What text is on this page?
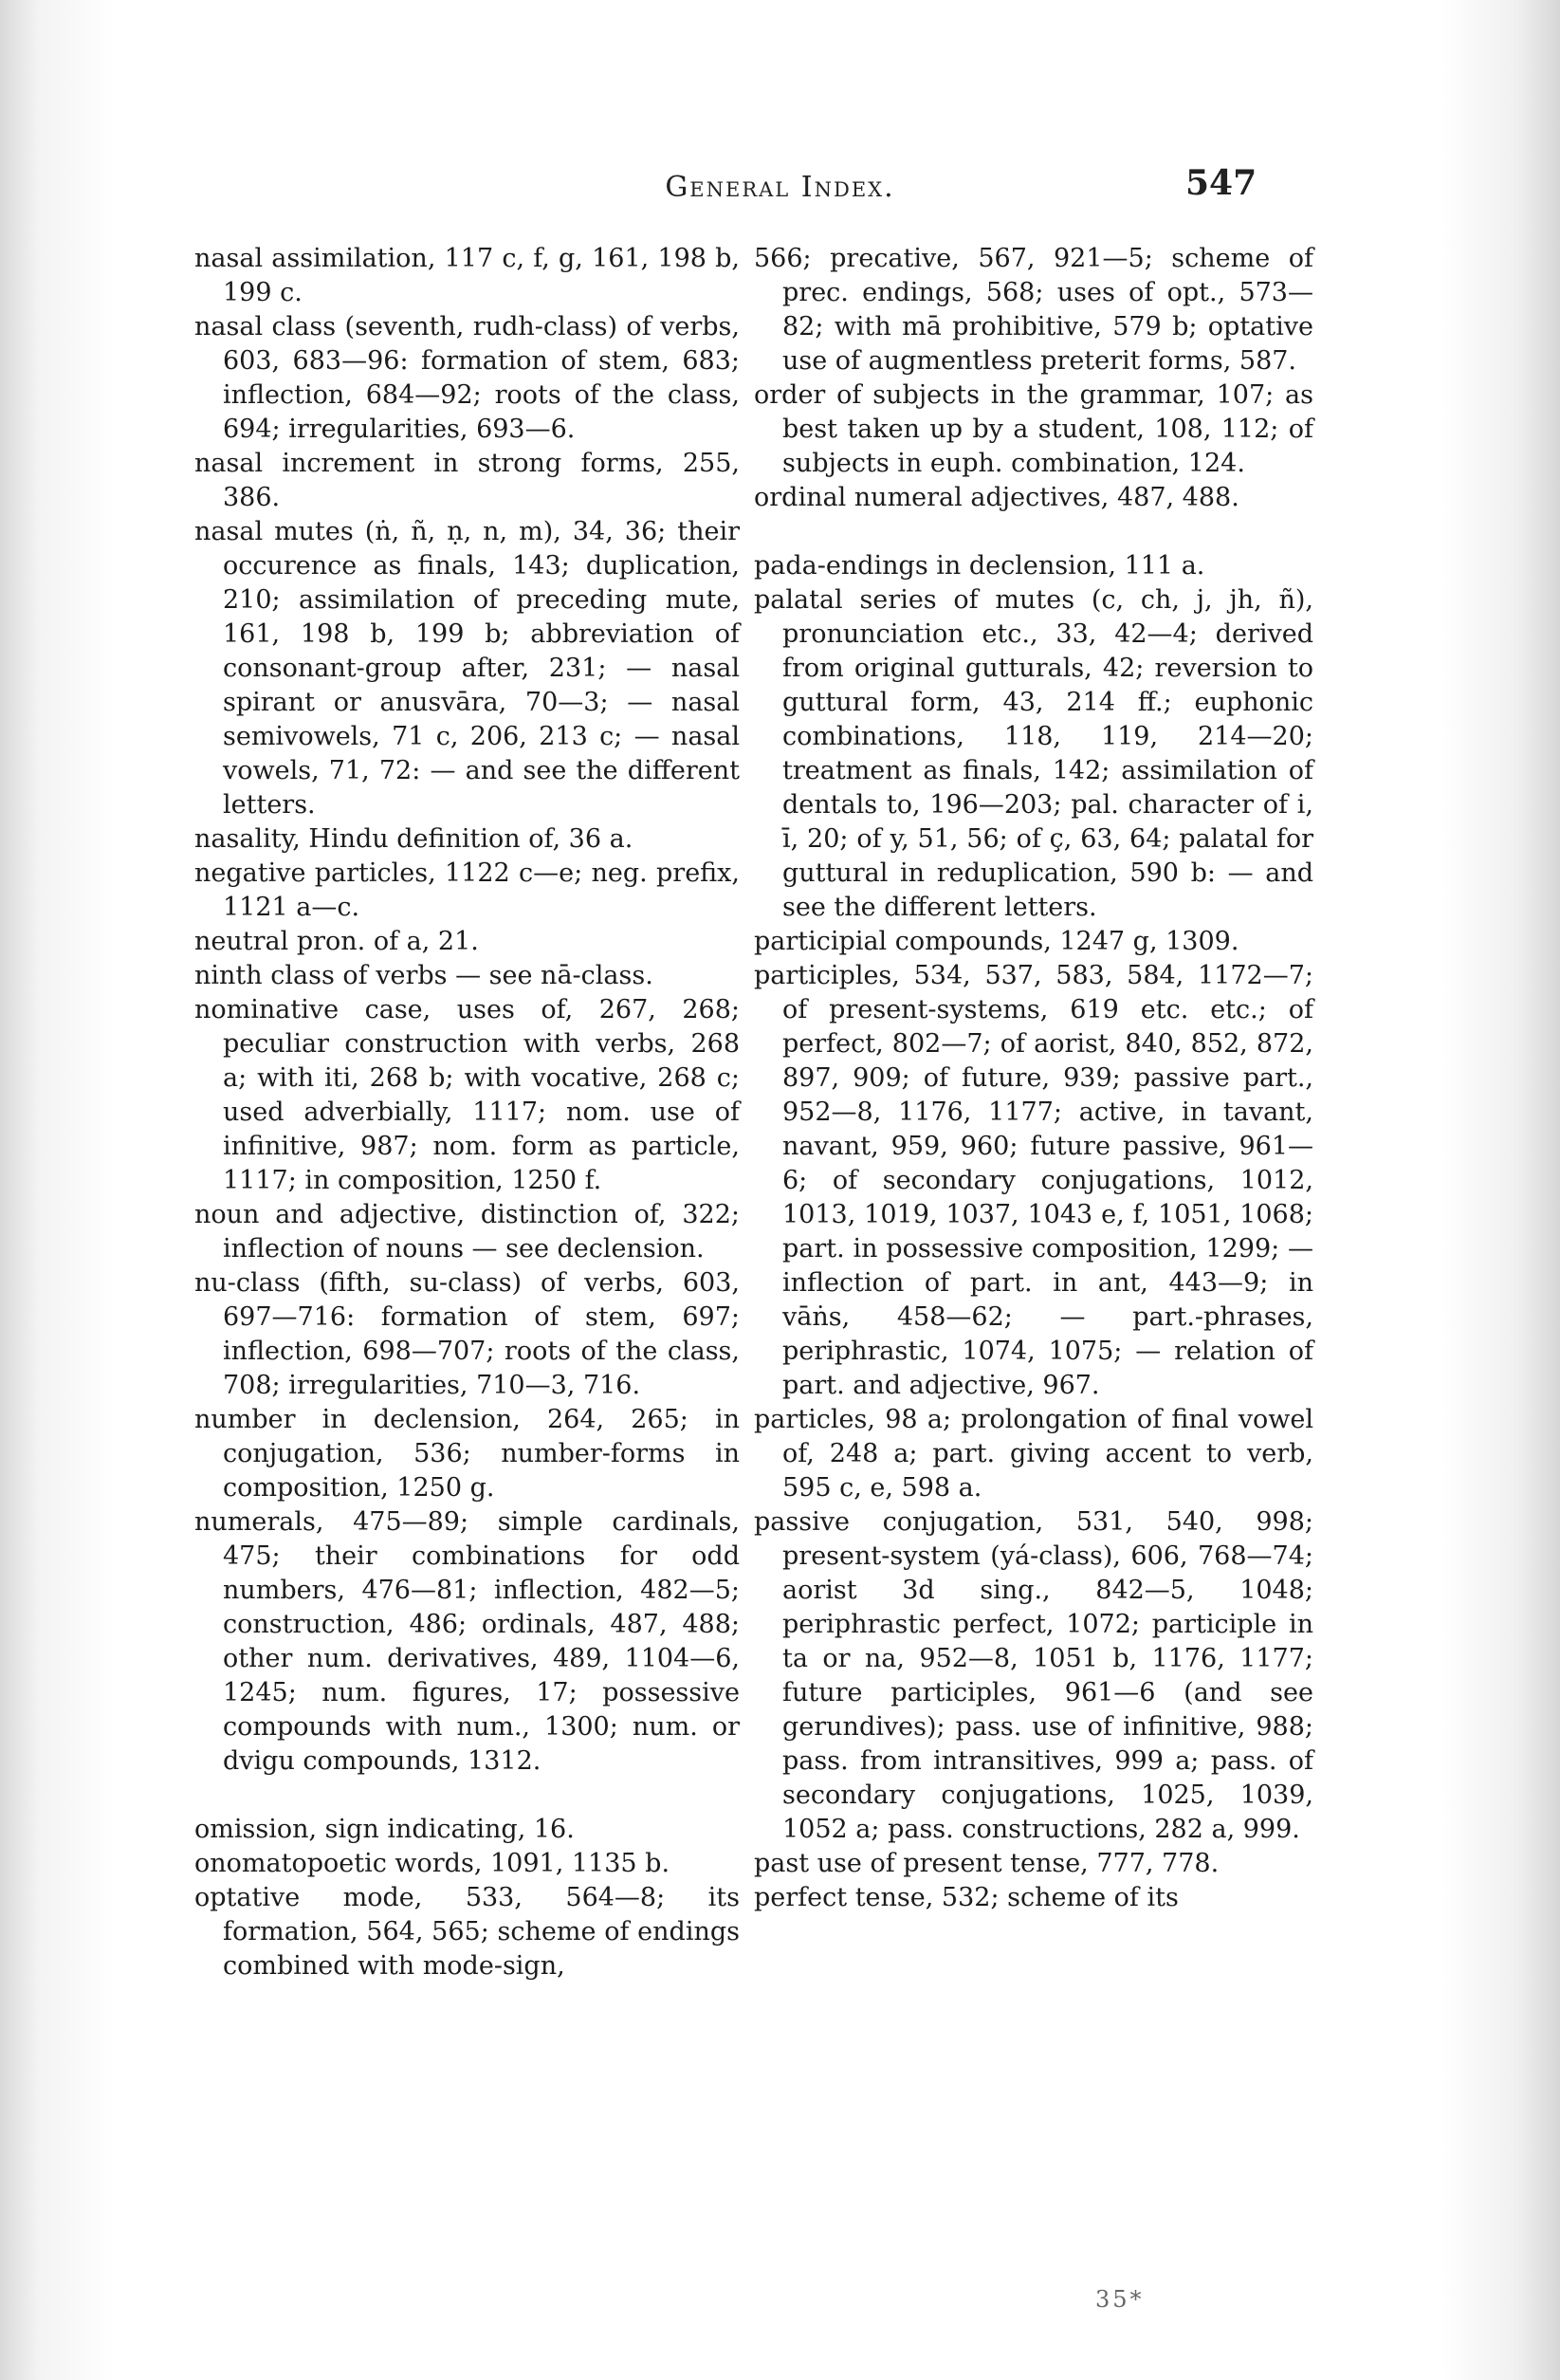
General Index.	547

nasal assimilation, 117 c, f, g, 161, 198 b, 199 c.

nasal class (seventh, rudh-class) of verbs, 603, 683—96: formation of stem, 683; inflection, 684—92; roots of the class, 694; irregularities, 693—6.

nasal increment in strong forms, 255, 386.

nasal mutes (ṅ, ñ, ṇ, n, m), 34, 36; their occurence as finals, 143; duplication, 210; assimilation of preceding mute, 161, 198 b, 199 b; abbreviation of consonant-group after, 231; — nasal spirant or anusvāra, 70—3; — nasal semivowels, 71 c, 206, 213 c; — nasal vowels, 71, 72: — and see the different letters.

nasality, Hindu definition of, 36 a.

negative particles, 1122 c—e; neg. prefix, 1121 a—c.

neutral pron. of a, 21.

ninth class of verbs — see nā-class.

nominative case, uses of, 267, 268; peculiar construction with verbs, 268 a; with iti, 268 b; with vocative, 268 c; used adverbially, 1117; nom. use of infinitive, 987; nom. form as particle, 1117; in composition, 1250 f.

noun and adjective, distinction of, 322; inflection of nouns — see declension.

nu-class (fifth, su-class) of verbs, 603, 697—716: formation of stem, 697; inflection, 698—707; roots of the class, 708; irregularities, 710—3, 716.

number in declension, 264, 265; in conjugation, 536; number-forms in composition, 1250 g.

numerals, 475—89; simple cardinals, 475; their combinations for odd numbers, 476—81; inflection, 482—5; construction, 486; ordinals, 487, 488; other num. derivatives, 489, 1104—6, 1245; num. figures, 17; possessive compounds with num., 1300; num. or dvigu compounds, 1312.

omission, sign indicating, 16.

onomatopoetic words, 1091, 1135 b.

optative mode, 533, 564—8; its formation, 564, 565; scheme of endings combined with mode-sign,

566; precative, 567, 921—5; scheme of prec. endings, 568; uses of opt., 573—82; with mā prohibitive, 579 b; optative use of augmentless preterit forms, 587.

order of subjects in the grammar, 107; as best taken up by a student, 108, 112; of subjects in euph. combination, 124.

ordinal numeral adjectives, 487, 488.

pada-endings in declension, 111 a.

palatal series of mutes (c, ch, j, jh, ñ), pronunciation etc., 33, 42—4; derived from original gutturals, 42; reversion to guttural form, 43, 214 ff.; euphonic combinations, 118, 119, 214—20; treatment as finals, 142; assimilation of dentals to, 196—203; pal. character of i, ī, 20; of y, 51, 56; of ç, 63, 64; palatal for guttural in reduplication, 590 b: — and see the different letters.

participial compounds, 1247 g, 1309.

participles, 534, 537, 583, 584, 1172—7; of present-systems, 619 etc. etc.; of perfect, 802—7; of aorist, 840, 852, 872, 897, 909; of future, 939; passive part., 952—8, 1176, 1177; active, in tavant, navant, 959, 960; future passive, 961—6; of secondary conjugations, 1012, 1013, 1019, 1037, 1043 e, f, 1051, 1068; part. in possessive composition, 1299; — inflection of part. in ant, 443—9; in vāṅs, 458—62; — part.-phrases, periphrastic, 1074, 1075; — relation of part. and adjective, 967.

particles, 98 a; prolongation of final vowel of, 248 a; part. giving accent to verb, 595 c, e, 598 a.

passive conjugation, 531, 540, 998; present-system (yá-class), 606, 768—74; aorist 3d sing., 842—5, 1048; periphrastic perfect, 1072; participle in ta or na, 952—8, 1051 b, 1176, 1177; future participles, 961—6 (and see gerundives); pass. use of infinitive, 988; pass. from intransitives, 999 a; pass. of secondary conjugations, 1025, 1039, 1052 a; pass. constructions, 282 a, 999.

past use of present tense, 777, 778.

perfect tense, 532; scheme of its

35*
